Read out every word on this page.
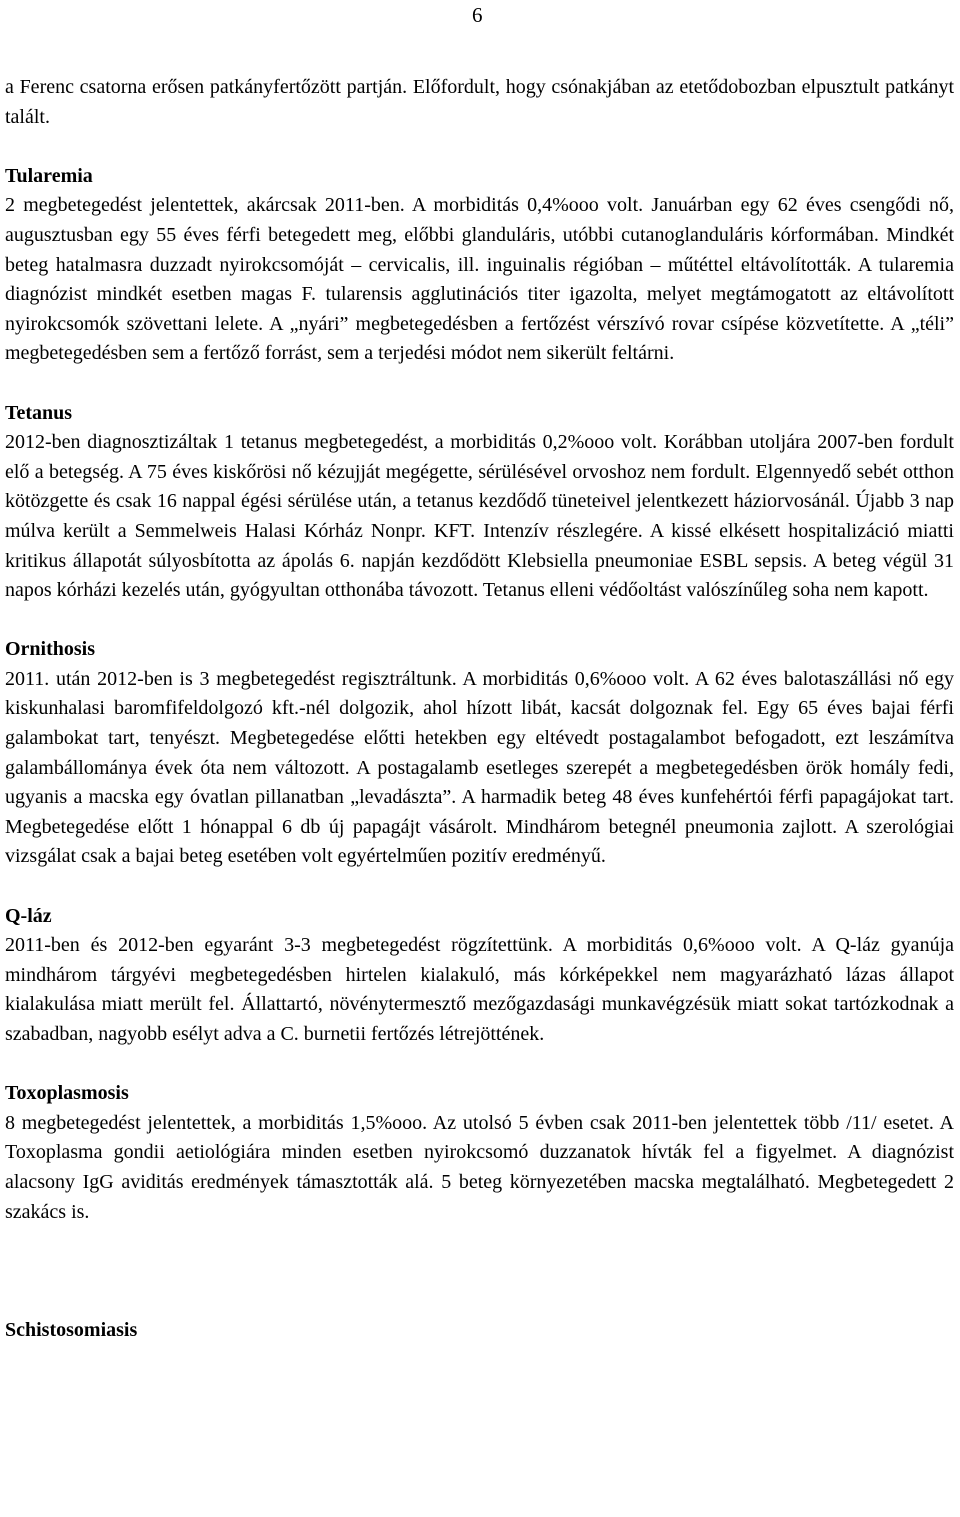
6

a Ferenc csatorna erősen patkányfertőzött partján. Előfordult, hogy csónakjában az etetődobozban elpusztult patkányt talált.

Tularemia

2 megbetegedést jelentettek, akárcsak 2011-ben. A morbiditás 0,4%ooo volt. Januárban egy 62 éves csengődi nő, augusztusban egy 55 éves férfi betegedett meg, előbbi glanduláris, utóbbi cutanoglanduláris kórformában. Mindkét beteg hatalmasra duzzadt nyirokcsomóját – cervicalis, ill. inguinalis régióban – műtéttel eltávolították. A tularemia diagnózist mindkét esetben magas F. tularensis agglutinációs titer igazolta, melyet megtámogatott az eltávolított nyirokcsomók szövettani lelete. A „nyári” megbetegedésben a fertőzést vérszívó rovar csípése közvetítette. A „téli” megbetegedésben sem a fertőző forrást, sem a terjedési módot nem sikerült feltárni.

Tetanus

2012-ben diagnosztizáltak 1 tetanus megbetegedést, a morbiditás 0,2%ooo volt. Korábban utoljára 2007-ben fordult elő a betegség. A 75 éves kiskőrösi nő kézujját megégette, sérülésével orvoshoz nem fordult. Elgennyedő sebét otthon kötözgette és csak 16 nappal égési sérülése után, a tetanus kezdődő tüneteivel jelentkezett háziorvosánál. Újabb 3 nap múlva került a Semmelweis Halasi Kórház Nonpr. KFT. Intenzív részlegére. A kissé elkésett hospitalizáció miatti kritikus állapotát súlyosbította az ápolás 6. napján kezdődött Klebsiella pneumoniae ESBL sepsis. A beteg végül 31 napos kórházi kezelés után, gyógyultan otthonába távozott. Tetanus elleni védőoltást valószínűleg soha nem kapott.

Ornithosis

2011. után 2012-ben is 3 megbetegedést regisztráltunk. A morbiditás 0,6%ooo volt. A 62 éves balotaszállási nő egy kiskunhalasi baromfifeldolgozó kft.-nél dolgozik, ahol hízott libát, kacsát dolgoznak fel. Egy 65 éves bajai férfi galambokat tart, tenyészt. Megbetegedése előtti hetekben egy eltévedt postagalambot befogadott, ezt leszámítva galambállománya évek óta nem változott. A postagalamb esetleges szerepét a megbetegedésben örök homály fedi, ugyanis a macska egy óvatlan pillanatban „levadászta”. A harmadik beteg 48 éves kunfehértói férfi papagájokat tart. Megbetegedése előtt 1 hónappal 6 db új papagájt vásárolt. Mindhárom betegnél pneumonia zajlott. A szerológiai vizsgálat csak a bajai beteg esetében volt egyértelműen pozitív eredményű.

Q-láz

2011-ben és 2012-ben egyaránt 3-3 megbetegedést rögzítettünk. A morbiditás 0,6%ooo volt. A Q-láz gyanúja mindhárom tárgyévi megbetegedésben hirtelen kialakuló, más kórképekkel nem magyarázható lázas állapot kialakulása miatt merült fel. Állattartó, növénytermesztő mezőgazdasági munkavégzésük miatt sokat tartózkodnak a szabadban, nagyobb esélyt adva a C. burnetii fertőzés létrejöttének.

Toxoplasmosis

8 megbetegedést jelentettek, a morbiditás 1,5%ooo. Az utolsó 5 évben csak 2011-ben jelentettek több /11/ esetet. A Toxoplasma gondii aetiológiára minden esetben nyirokcsomó duzzanatok hívták fel a figyelmet. A diagnózist alacsony IgG aviditás eredmények támasztották alá. 5 beteg környezetében macska megtalálható. Megbetegedett 2 szakács is.

Schistosomiasis
